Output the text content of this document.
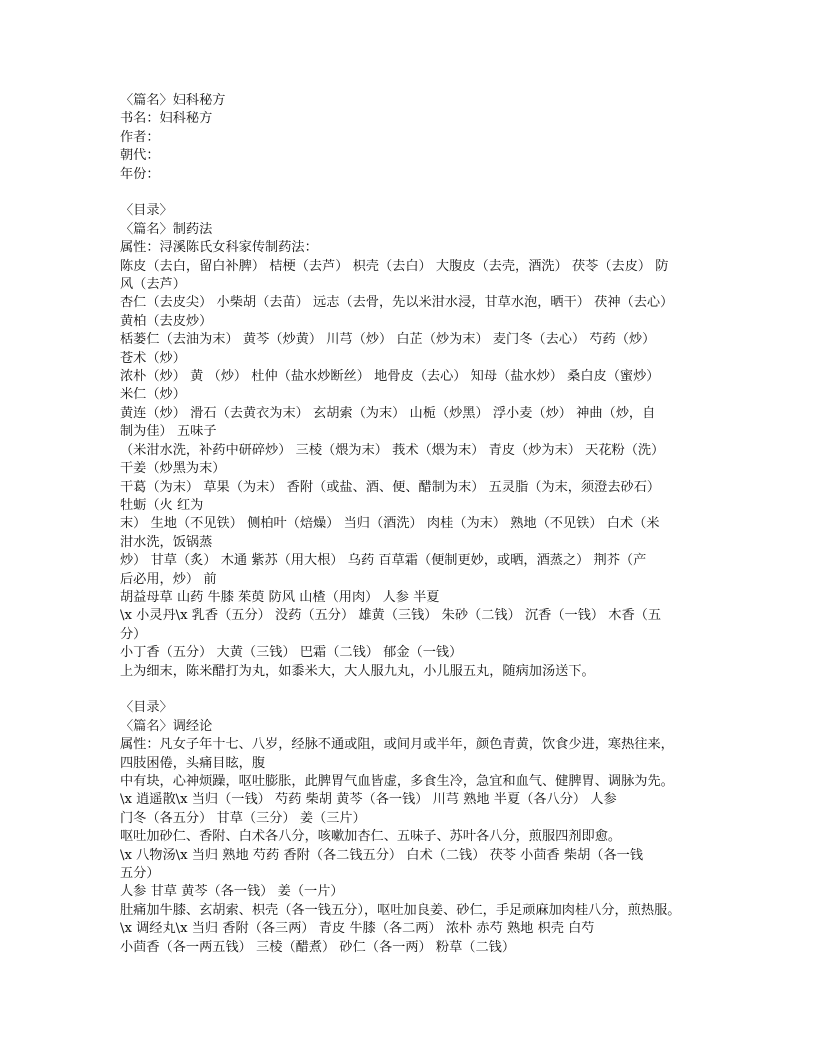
〈篇名〉妇科秘方
书名：妇科秘方
作者：
朝代：
年份：
〈目录〉
〈篇名〉制药法
属性：浔溪陈氏女科家传制药法：
陈皮（去白，留白补脾） 桔梗（去芦） 枳壳（去白） 大腹皮（去壳，酒洗） 茯苓（去皮） 防
风（去芦）
杏仁（去皮尖） 小柴胡（去苗） 远志（去骨，先以米泔水浸，甘草水泡，晒干） 茯神（去心）
黄柏（去皮炒）
栝蒌仁（去油为末） 黄芩（炒黄） 川芎（炒） 白芷（炒为末） 麦门冬（去心） 芍药（炒）
苍术（炒）
浓朴（炒） 黄 （炒） 杜仲（盐水炒断丝） 地骨皮（去心） 知母（盐水炒） 桑白皮（蜜炒）
米仁（炒）
黄连（炒） 滑石（去黄衣为末） 玄胡索（为末） 山栀（炒黑） 浮小麦（炒） 神曲（炒，自
制为佳） 五味子
（米泔水洗，补药中研碎炒） 三棱（煨为末） 莪术（煨为末） 青皮（炒为末） 天花粉（洗）
干姜（炒黑为末）
干葛（为末） 草果（为末） 香附（或盐、酒、便、醋制为末） 五灵脂（为末，须澄去砂石）
牡蛎（火 红为
末） 生地（不见铁） 侧柏叶（焙燥） 当归（酒洗） 肉桂（为末） 熟地（不见铁） 白术（米
泔水洗，饭锅蒸
炒） 甘草（炙） 木通 紫苏（用大根） 乌药 百草霜（便制更妙，或晒，酒蒸之） 荆芥（产
后必用，炒） 前
胡益母草 山药 牛膝 茱萸 防风 山楂（用肉） 人参 半夏
\x 小灵丹\x 乳香（五分） 没药（五分） 雄黄（三钱） 朱砂（二钱） 沉香（一钱） 木香（五
分）
小丁香（五分） 大黄（三钱） 巴霜（二钱） 郁金（一钱）
上为细末，陈米醋打为丸，如黍米大，大人服九丸，小儿服五丸，随病加汤送下。
〈目录〉
〈篇名〉调经论
属性：凡女子年十七、八岁，经脉不通或阻，或间月或半年，颜色青黄，饮食少进，寒热往来，
四肢困倦，头痛目眩，腹
中有块，心神烦躁，呕吐膨胀，此脾胃气血皆虚，多食生冷，急宜和血气、健脾胃、调脉为先。
\x 逍遥散\x 当归（一钱） 芍药 柴胡 黄芩（各一钱） 川芎 熟地 半夏（各八分） 人参
门冬（各五分） 甘草（三分） 姜（三片）
呕吐加砂仁、香附、白术各八分，咳嗽加杏仁、五味子、苏叶各八分，煎服四剂即愈。
\x 八物汤\x 当归 熟地 芍药 香附（各二钱五分） 白术（二钱） 茯苓 小茴香 柴胡（各一钱
五分）
人参 甘草 黄芩（各一钱） 姜（一片）
肚痛加牛膝、玄胡索、枳壳（各一钱五分），呕吐加良姜、砂仁，手足顽麻加肉桂八分，煎热服。
\x 调经丸\x 当归 香附（各三两） 青皮 牛膝（各二两） 浓朴 赤芍 熟地 枳壳 白芍
小茴香（各一两五钱） 三棱（醋煮） 砂仁（各一两） 粉草（二钱）
